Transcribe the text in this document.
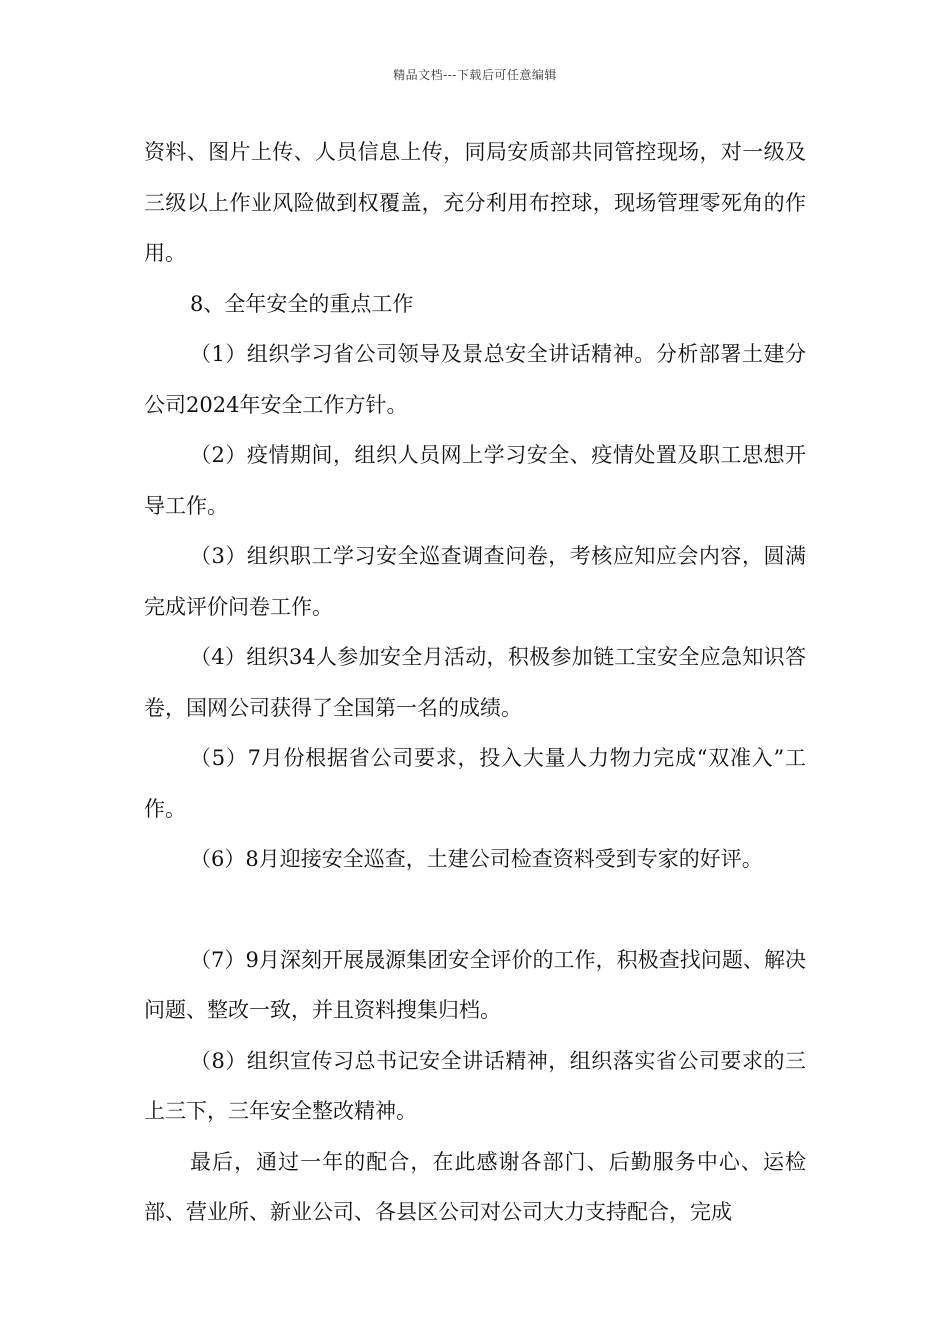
精品文档---下载后可任意编辑

资料、图片上传、人员信息上传，同局安质部共同管控现场，对一级及三级以上作业风险做到权覆盖，充分利用布控球，现场管理零死角的作用。

8、全年安全的重点工作

（1）组织学习省公司领导及景总安全讲话精神。分析部署土建分公司2024年安全工作方针。

（2）疫情期间，组织人员网上学习安全、疫情处置及职工思想开导工作。

（3）组织职工学习安全巡查调查问卷，考核应知应会内容，圆满完成评价问卷工作。

（4）组织34人参加安全月活动，积极参加链工宝安全应急知识答卷，国网公司获得了全国第一名的成绩。

（5）7月份根据省公司要求，投入大量人力物力完成“双准入”工作。

（6）8月迎接安全巡查，土建公司检查资料受到专家的好评。

（7）9月深刻开展晟源集团安全评价的工作，积极查找问题、解决问题、整改一致，并且资料搜集归档。

（8）组织宣传习总书记安全讲话精神，组织落实省公司要求的三上三下，三年安全整改精神。

最后，通过一年的配合，在此感谢各部门、后勤服务中心、运检部、营业所、新业公司、各县区公司对公司大力支持配合，完成
